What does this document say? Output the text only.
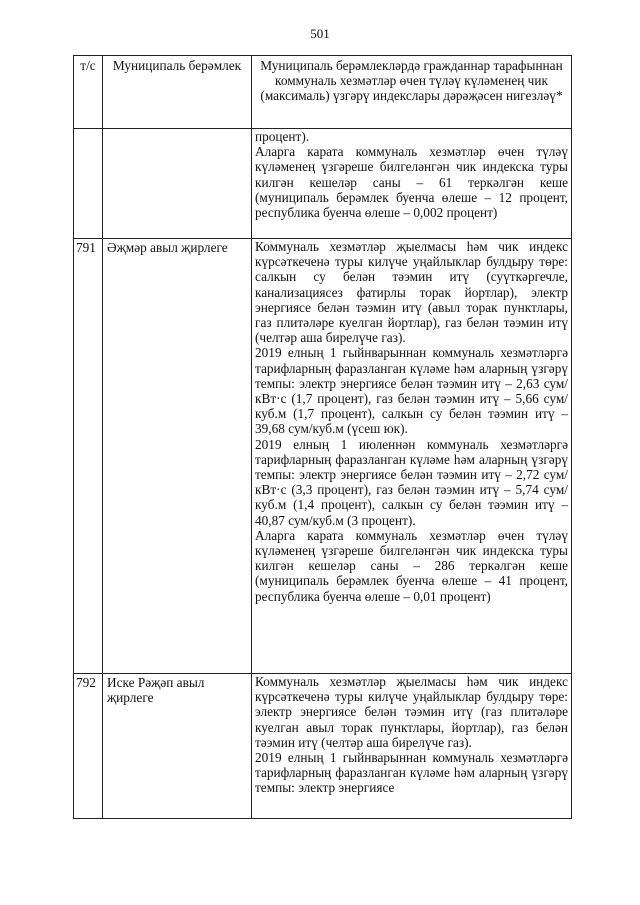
501
т/с	Муниципаль берәмлек	Муниципаль берәмлекләрдә гражданнар тарафыннан коммуналь хезмәтләр өчен түләү күләменең чик (максималь) үзгәрү индекслары дәрәҗәсен нигезләү*

		процент).

Аларга карата коммуналь хезмәтләр өчен түләү күләменең үзгәреше билгеләнгән чик индекска туры килгән кешеләр саны – 61 теркәлгән кеше (муниципаль берәмлек буенча өлеше – 12 процент, республика буенча өлеше – 0,002 процент)

791	Әҗмәр авыл җирлеге	Коммуналь хезмәтләр җыелмасы һәм чик индекс күрсәткеченә туры килүче уңайлыклар булдыру төре: салкын су белән тәэмин итү (суүткәргечле, канализациясез фатирлы торак йортлар), электр энергиясе белән тәэмин итү (авыл торак пунктлары, газ плитәләре куелган йортлар), газ белән тәэмин итү (челтәр аша бирелүче газ).

2019 елның 1 гыйнварыннан коммуналь хезмәтләргә тарифларның фаразланган күләме һәм аларның үзгәрү темпы: электр энергиясе белән тәэмин итү – 2,63 сум/кВт·с (1,7 процент), газ белән тәэмин итү – 5,66 сум/куб.м (1,7 процент), салкын су белән тәэмин итү – 39,68 сум/куб.м (үсеш юк).

2019 елның 1 июленнән коммуналь хезмәтләргә тарифларның фаразланган күләме һәм аларның үзгәрү темпы: электр энергиясе белән тәэмин итү – 2,72 сум/кВт·с (3,3 процент), газ белән тәэмин итү – 5,74 сум/куб.м (1,4 процент), салкын су белән тәэмин итү – 40,87 сум/куб.м (3 процент).

Аларга карата коммуналь хезмәтләр өчен түләү күләменең үзгәреше билгеләнгән чик индекска туры килгән кешеләр саны – 286 теркәлгән кеше (муниципаль берәмлек буенча өлеше – 41 процент, республика буенча өлеше – 0,01 процент)

792	Иске Рәҗәп авыл җирлеге	Коммуналь хезмәтләр җыелмасы һәм чик индекс күрсәткеченә туры килүче уңайлыклар булдыру төре: электр энергиясе белән тәэмин итү (газ плитәләре куелган авыл торак пунктлары, йортлар), газ белән тәэмин итү (челтәр аша бирелүче газ).

2019 елның 1 гыйнварыннан коммуналь хезмәтләргә тарифларның фаразланган күләме һәм аларның үзгәрү темпы: электр энергиясе
